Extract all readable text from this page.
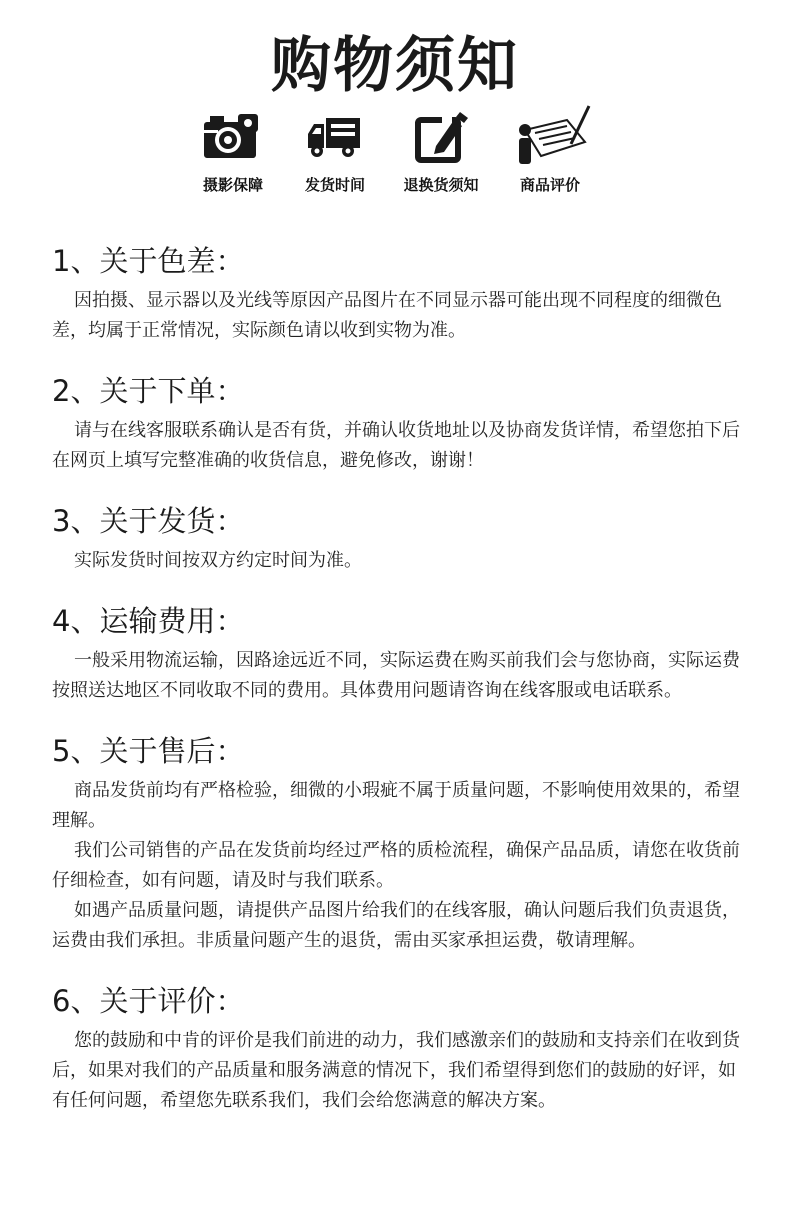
购物须知
摄影保障	发货时间	退换货须知	商品评价
1、关于色差：

因拍摄、显示器以及光线等原因产品图片在不同显示器可能出现不同程度的细微色差，均属于正常情况，实际颜色请以收到实物为准。

2、关于下单：

请与在线客服联系确认是否有货，并确认收货地址以及协商发货详情，希望您拍下后在网页上填写完整准确的收货信息，避免修改，谢谢！

3、关于发货：

实际发货时间按双方约定时间为准。

4、运输费用：

一般采用物流运输，因路途远近不同，实际运费在购买前我们会与您协商，实际运费按照送达地区不同收取不同的费用。具体费用问题请咨询在线客服或电话联系。

5、关于售后：

商品发货前均有严格检验，细微的小瑕疵不属于质量问题，不影响使用效果的，希望理解。

我们公司销售的产品在发货前均经过严格的质检流程，确保产品品质，请您在收货前仔细检查，如有问题，请及时与我们联系。

如遇产品质量问题，请提供产品图片给我们的在线客服，确认问题后我们负责退货，运费由我们承担。非质量问题产生的退货，需由买家承担运费，敬请理解。

6、关于评价：

您的鼓励和中肯的评价是我们前进的动力，我们感激亲们的鼓励和支持亲们在收到货后，如果对我们的产品质量和服务满意的情况下，我们希望得到您们的鼓励的好评，如有任何问题，希望您先联系我们，我们会给您满意的解决方案。
